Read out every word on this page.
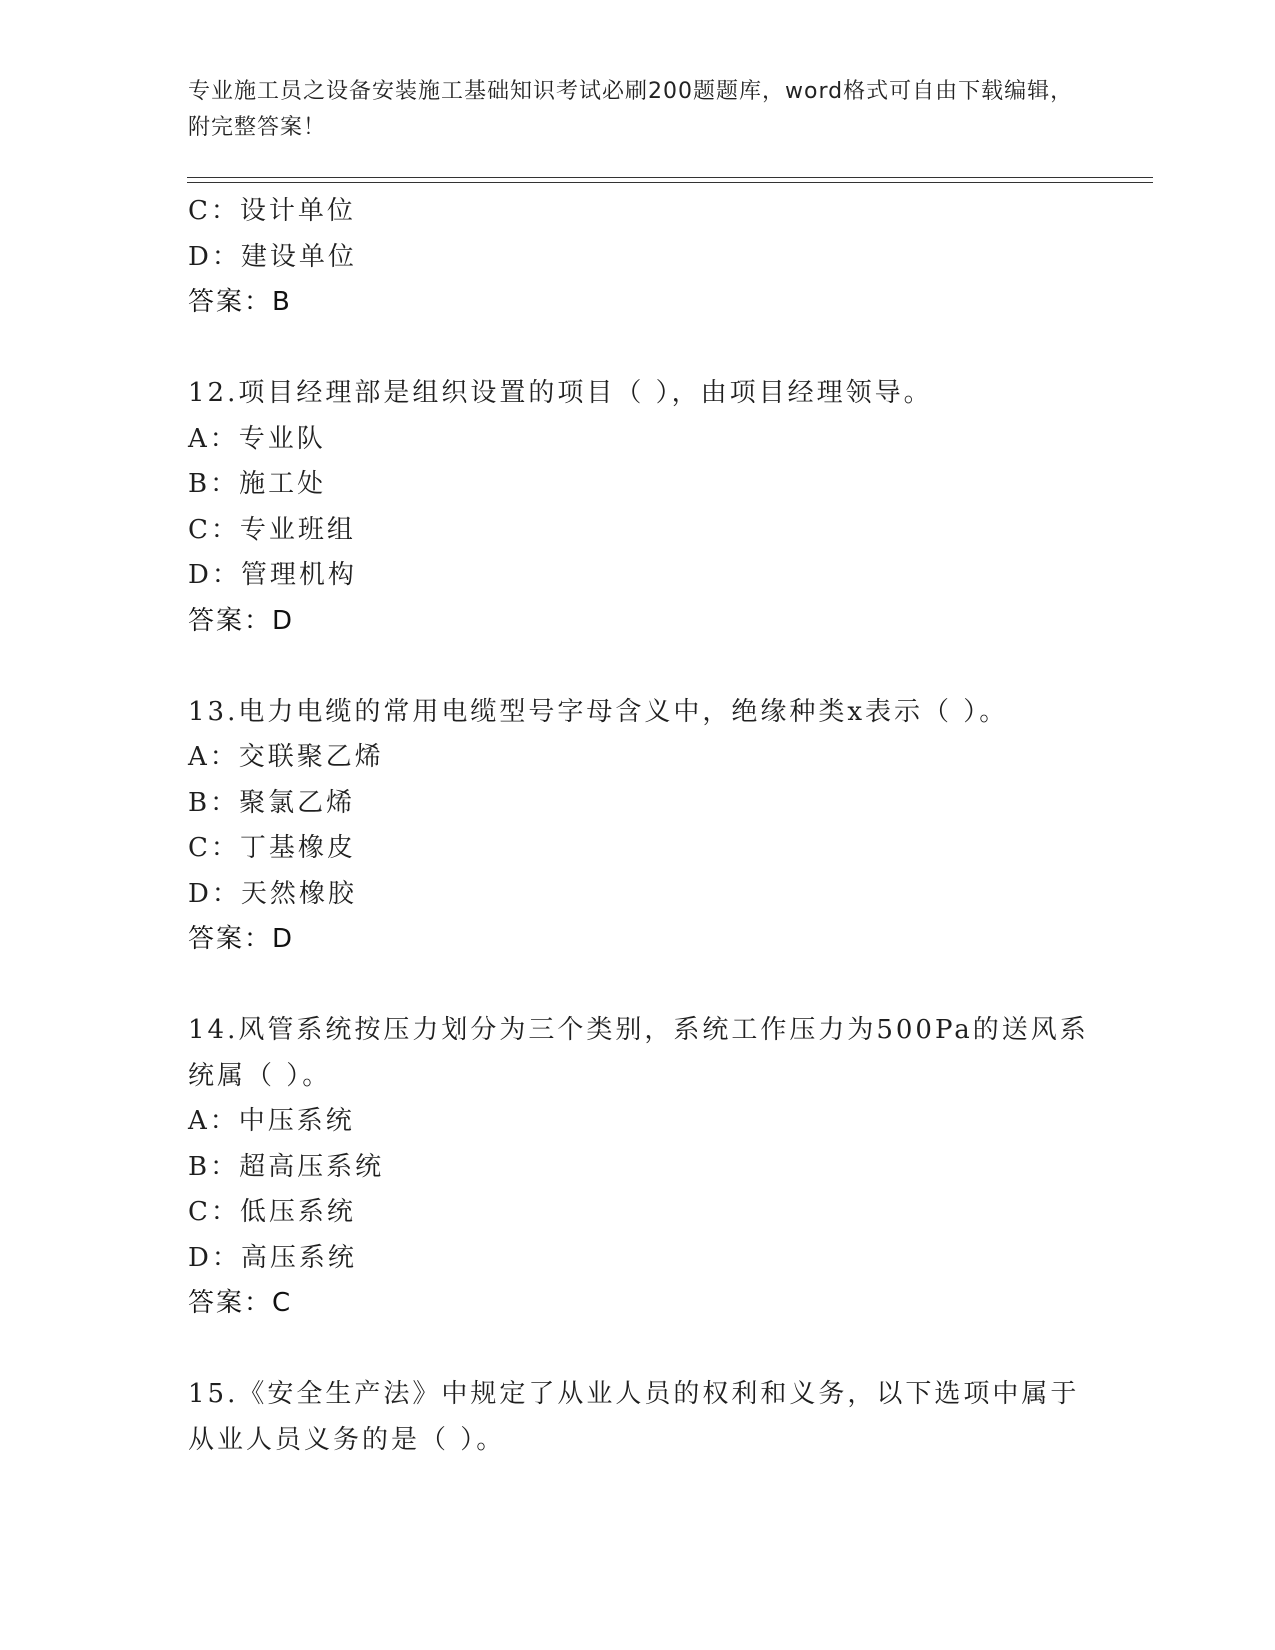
专业施工员之设备安装施工基础知识考试必刷200题题库，word格式可自由下载编辑，附完整答案！
C：设计单位
D：建设单位
答案：B
12.项目经理部是组织设置的项目（ ），由项目经理领导。
A：专业队
B：施工处
C：专业班组
D：管理机构
答案：D
13.电力电缆的常用电缆型号字母含义中，绝缘种类x表示（ ）。
A：交联聚乙烯
B：聚氯乙烯
C：丁基橡皮
D：天然橡胶
答案：D
14.风管系统按压力划分为三个类别，系统工作压力为500Pa的送风系
统属（ ）。
A：中压系统
B：超高压系统
C：低压系统
D：高压系统
答案：C
15.《安全生产法》中规定了从业人员的权利和义务，以下选项中属于
从业人员义务的是（ ）。
